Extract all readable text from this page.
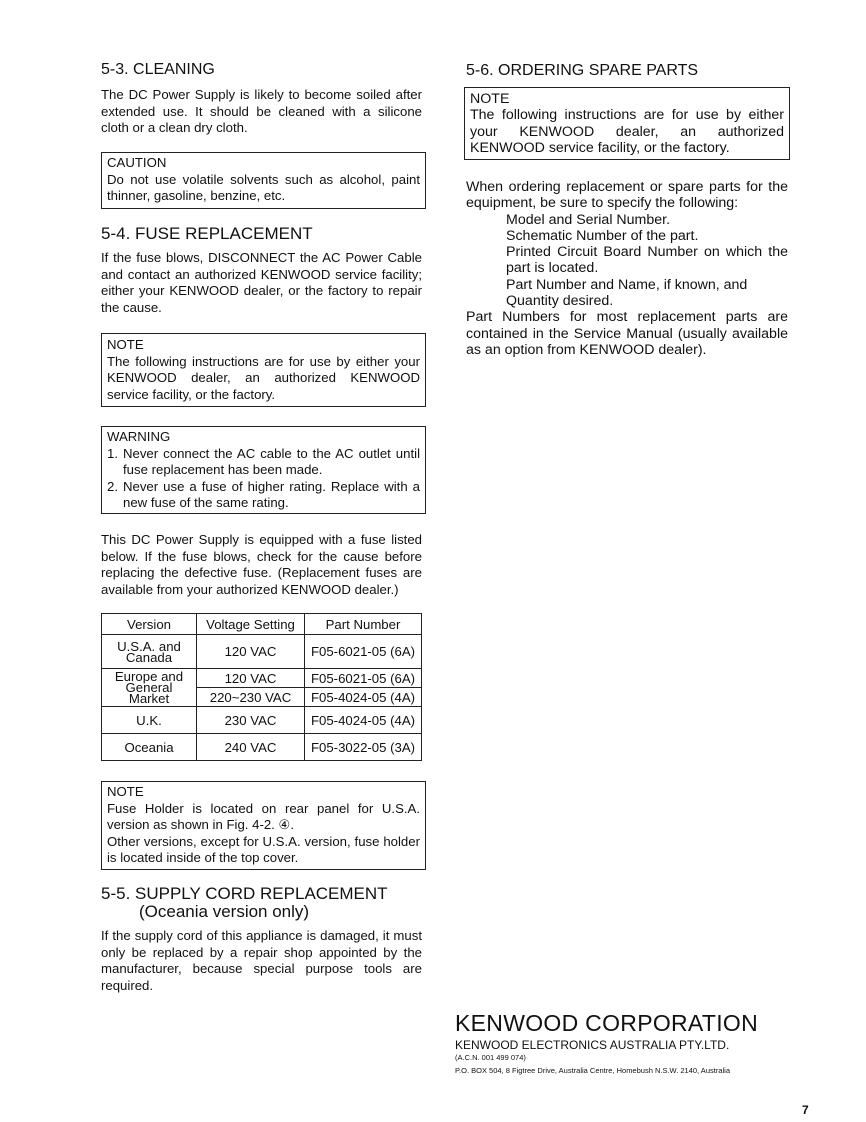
5-3. CLEANING
The DC Power Supply is likely to become soiled after extended use. It should be cleaned with a silicone cloth or a clean dry cloth.
CAUTION
Do not use volatile solvents such as alcohol, paint thinner, gasoline, benzine, etc.
5-4. FUSE REPLACEMENT
If the fuse blows, DISCONNECT the AC Power Cable and contact an authorized KENWOOD service facility; either your KENWOOD dealer, or the factory to repair the cause.
NOTE
The following instructions are for use by either your KENWOOD dealer, an authorized KENWOOD service facility, or the factory.
WARNING
1. Never connect the AC cable to the AC outlet until fuse replacement has been made.
2. Never use a fuse of higher rating. Replace with a new fuse of the same rating.
This DC Power Supply is equipped with a fuse listed below. If the fuse blows, check for the cause before replacing the defective fuse. (Replacement fuses are available from your authorized KENWOOD dealer.)
Version	Voltage Setting	Part Number
U.S.A. and Canada	120 VAC	F05-6021-05 (6A)
Europe and General Market	120 VAC	F05-6021-05 (6A)
	220~230 VAC	F05-4024-05 (4A)
U.K.	230 VAC	F05-4024-05 (4A)
Oceania	240 VAC	F05-3022-05 (3A)
NOTE
Fuse Holder is located on rear panel for U.S.A. version as shown in Fig. 4-2. ④.
Other versions, except for U.S.A. version, fuse holder is located inside of the top cover.
5-5. SUPPLY CORD REPLACEMENT
(Oceania version only)
If the supply cord of this appliance is damaged, it must only be replaced by a repair shop appointed by the manufacturer, because special purpose tools are required.
5-6. ORDERING SPARE PARTS
NOTE
The following instructions are for use by either your KENWOOD dealer, an authorized KENWOOD service facility, or the factory.
When ordering replacement or spare parts for the equipment, be sure to specify the following:
Model and Serial Number.
Schematic Number of the part.
Printed Circuit Board Number on which the part is located.
Part Number and Name, if known, and
Quantity desired.
Part Numbers for most replacement parts are contained in the Service Manual (usually available as an option from KENWOOD dealer).
KENWOOD CORPORATION
KENWOOD ELECTRONICS AUSTRALIA PTY.LTD.
(A.C.N. 001 499 074)
P.O. BOX 504, 8 Figtree Drive, Australia Centre, Homebush N.S.W. 2140, Australia
7
